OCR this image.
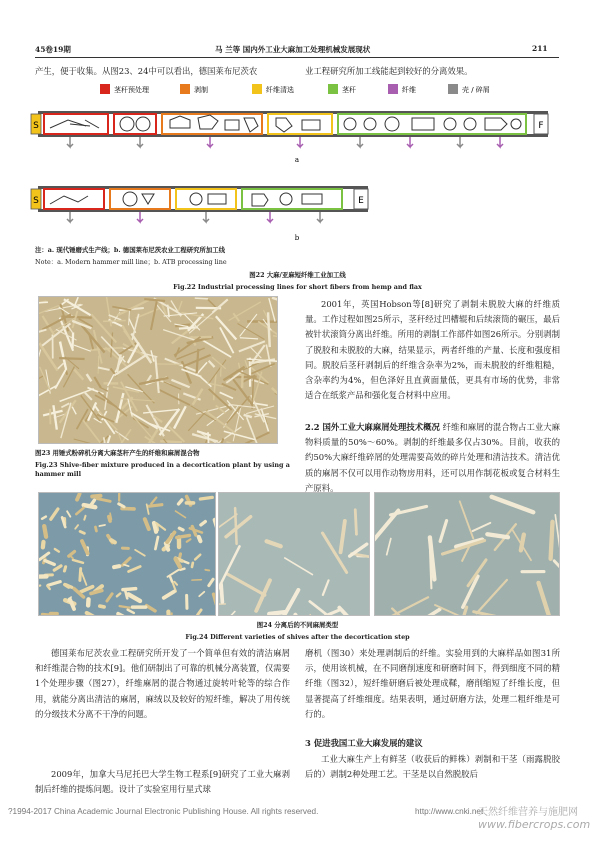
45卷19期	马 兰等 国内外工业大麻加工处理机械发展现状	211
产生，便于收集。从图23、24中可以看出，德国莱布尼茨农	业工程研究所加工线能起到较好的分离效果。
茎秆预处理	剥制	纤维清选	茎秆	纤维	壳 / 碎屑
S	F
a
S	E
b
注：a. 现代锤磨式生产线；b. 德国莱布尼茨农业工程研究所加工线
Note：a. Modern hammer mill line；b. ATB processing line
图22 大麻/亚麻短纤维工业加工线
Fig.22 Industrial processing lines for short fibers from hemp and flax
图23 用锤式粉碎机分离大麻茎秆产生的纤维和麻屑混合物
Fig.23 Shive-fiber mixture produced in a decortication plant by using a hammer mill
2001年，英国Hobson等[8]研究了剥制未脱胶大麻的纤维质量。工作过程如图25所示，茎秆经过凹槽辊和后续滚筒的碾压，最后被针状滚筒分离出纤维。所用的剥制工作部件如图26所示。分别剥制了脱胶和未脱胶的大麻，结果显示，两者纤维的产量、长度和强度相同。脱胶后茎秆剥制后的纤维含杂率为2%，而未脱胶的纤维粗糙，含杂率约为4%，但色泽好且直黄面量低，更具有市场的优势，非常适合在纸浆产品和强化复合材料中应用。
2.2 国外工业大麻麻屑处理技术概况 纤维和麻屑的混合物占工业大麻物料质量的50%～60%。剥制的纤维最多仅占30%。目前，收获的约50%大麻纤维碎屑的处理需要高效的碎片处理和清洁技术。清洁优质的麻屑不仅可以用作动物房用料，还可以用作制花板或复合材料生产原料。
图24 分离后的不同麻屑类型
Fig.24 Different varieties of shives after the decortication step
德国莱布尼茨农业工程研究所开发了一个简单但有效的清洁麻屑和纤维混合物的技术[9]。他们研制出了可靠的机械分离装置，仅需要1个处理步骤（图27），纤维麻屑的混合物通过旋转叶轮等的综合作用，就能分离出清洁的麻屑，麻绒以及较好的短纤维，解决了用传统的分级技术分离不干净的问题。
2009年，加拿大马尼托巴大学生物工程系[9]研究了工业大麻剥制后纤维的提炼问题。设计了实验室用行星式球
磨机（图30）来处理剥制后的纤维。实验用到的大麻样品如图31所示，使用该机械，在不同磨削速度和研磨时间下，得到细度不同的精纤维（图32），短纤维研磨后被处理成鞣，磨削缩短了纤维长度，但显著提高了纤维细度。结果表明，通过研磨方法，处理二粗纤维是可行的。
3 促进我国工业大麻发展的建议
工业大麻生产上有鲜茎（收获后的鲜株）剥制和干茎（雨露脱胶后的）剥制2种处理工艺。干茎是以自然脱胶后
?1994-2017 China Academic Journal Electronic Publishing House. All rights reserved.	http://www.cnki.net
天然纤维营养与施肥网
www.fibercrops.com
